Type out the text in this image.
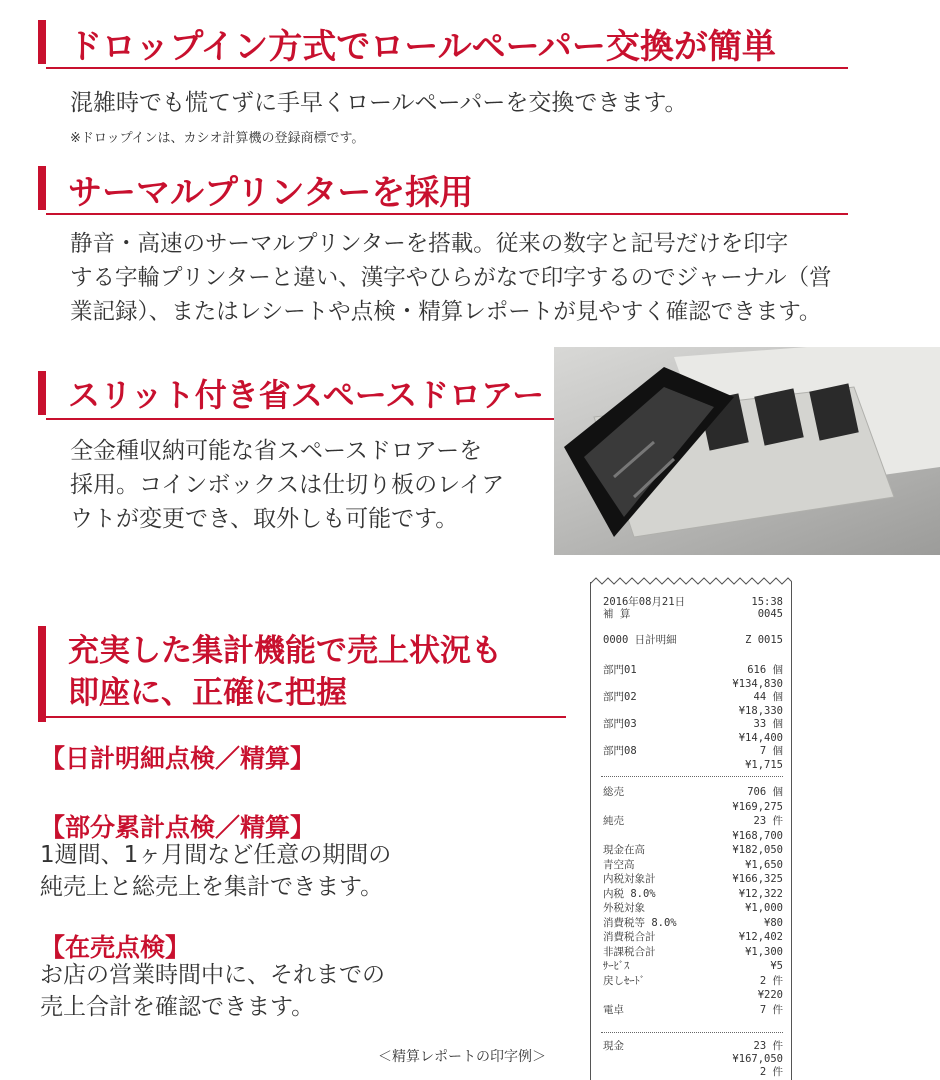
ドロップイン方式でロールペーパー交換が簡単
混雑時でも慌てずに手早くロールペーパーを交換できます。
※ドロップインは、カシオ計算機の登録商標です。
サーマルプリンターを採用
静音・高速のサーマルプリンターを搭載。従来の数字と記号だけを印字
する字輪プリンターと違い、漢字やひらがなで印字するのでジャーナル（営
業記録）、またはレシートや点検・精算レポートが見やすく確認できます。
スリット付き省スペースドロアー
全金種収納可能な省スペースドロアーを
採用。コインボックスは仕切り板のレイア
ウトが変更でき、取外しも可能です。
充実した集計機能で売上状況も
即座に、正確に把握
【日計明細点検／精算】
【部分累計点検／精算】
1週間、1ヶ月間など任意の期間の
純売上と総売上を集計できます。
【在売点検】
お店の営業時間中に、それまでの
売上合計を確認できます。
2016年08月21日	15:38
補 算	0045
0000 日計明細	Z 0015
部門01	616 個
¥134,830
部門02	44 個
¥18,330
部門03	33 個
¥14,400
部門08	7 個
¥1,715
総売	706 個
¥169,275
純売	23 件
¥168,700
現金在高	¥182,050
青空高	¥1,650
内税対象計	¥166,325
内税 8.0%	¥12,322
外税対象	¥1,000
消費税等 8.0%	¥80
消費税合計	¥12,402
非課税合計	¥1,300
ｻｰﾋﾞｽ	¥5
戻しｾｰﾄﾞ	2 件
¥220
電卓	7 件
現金	23 件
¥167,050
2 件
＜精算レポートの印字例＞
